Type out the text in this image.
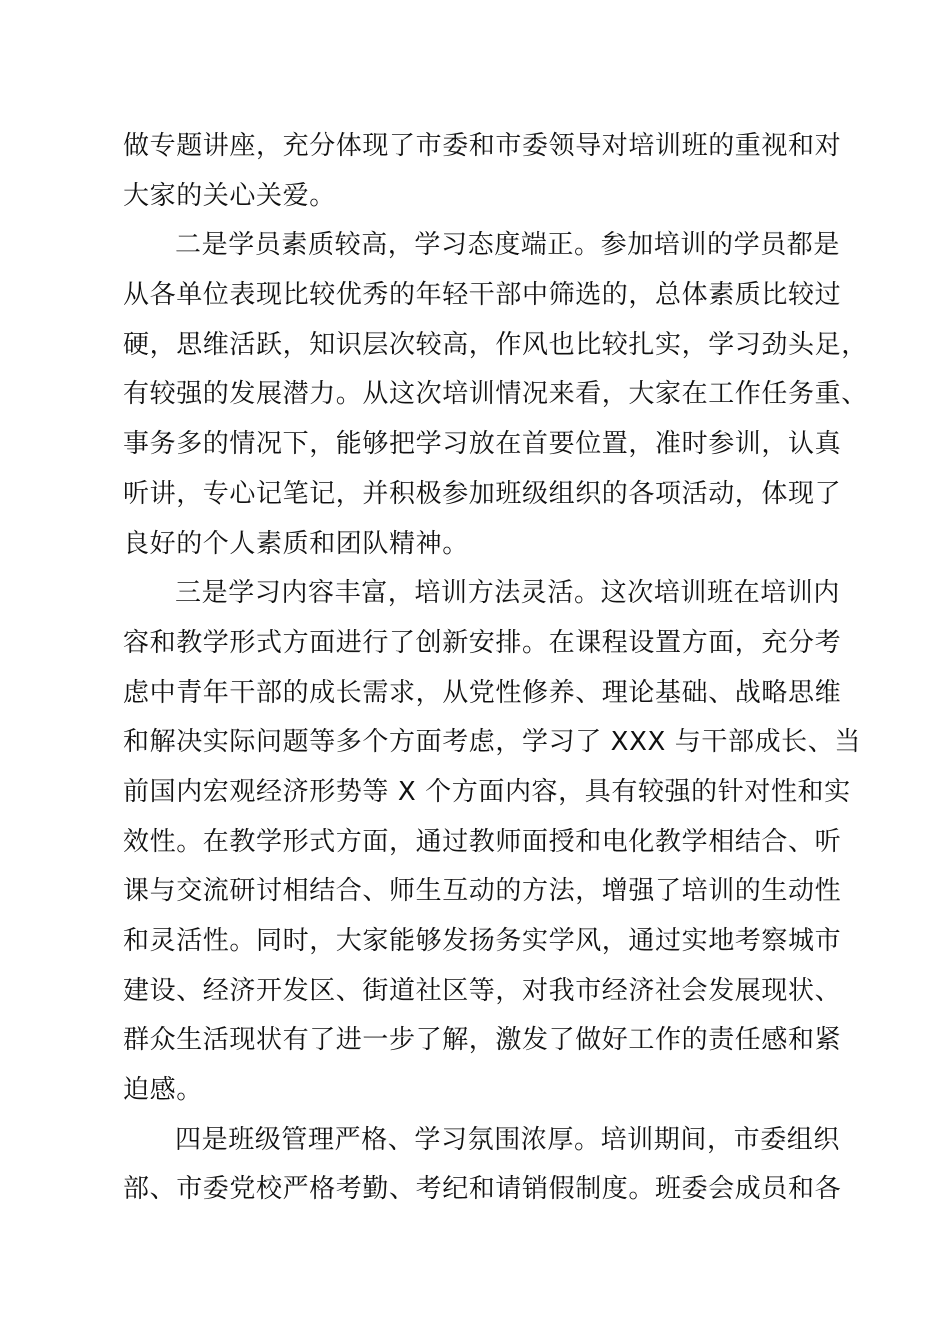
做专题讲座，充分体现了市委和市委领导对培训班的重视和对
大家的关心关爱。
二是学员素质较高，学习态度端正。参加培训的学员都是
从各单位表现比较优秀的年轻干部中筛选的，总体素质比较过
硬，思维活跃，知识层次较高，作风也比较扎实，学习劲头足，
有较强的发展潜力。从这次培训情况来看，大家在工作任务重、
事务多的情况下，能够把学习放在首要位置，准时参训，认真
听讲，专心记笔记，并积极参加班级组织的各项活动，体现了
良好的个人素质和团队精神。
三是学习内容丰富，培训方法灵活。这次培训班在培训内
容和教学形式方面进行了创新安排。在课程设置方面，充分考
虑中青年干部的成长需求，从党性修养、理论基础、战略思维
和解决实际问题等多个方面考虑，学习了 XXX 与干部成长、当
前国内宏观经济形势等 X 个方面内容，具有较强的针对性和实
效性。在教学形式方面，通过教师面授和电化教学相结合、听
课与交流研讨相结合、师生互动的方法，增强了培训的生动性
和灵活性。同时，大家能够发扬务实学风，通过实地考察城市
建设、经济开发区、街道社区等，对我市经济社会发展现状、
群众生活现状有了进一步了解，激发了做好工作的责任感和紧
迫感。
四是班级管理严格、学习氛围浓厚。培训期间，市委组织
部、市委党校严格考勤、考纪和请销假制度。班委会成员和各
